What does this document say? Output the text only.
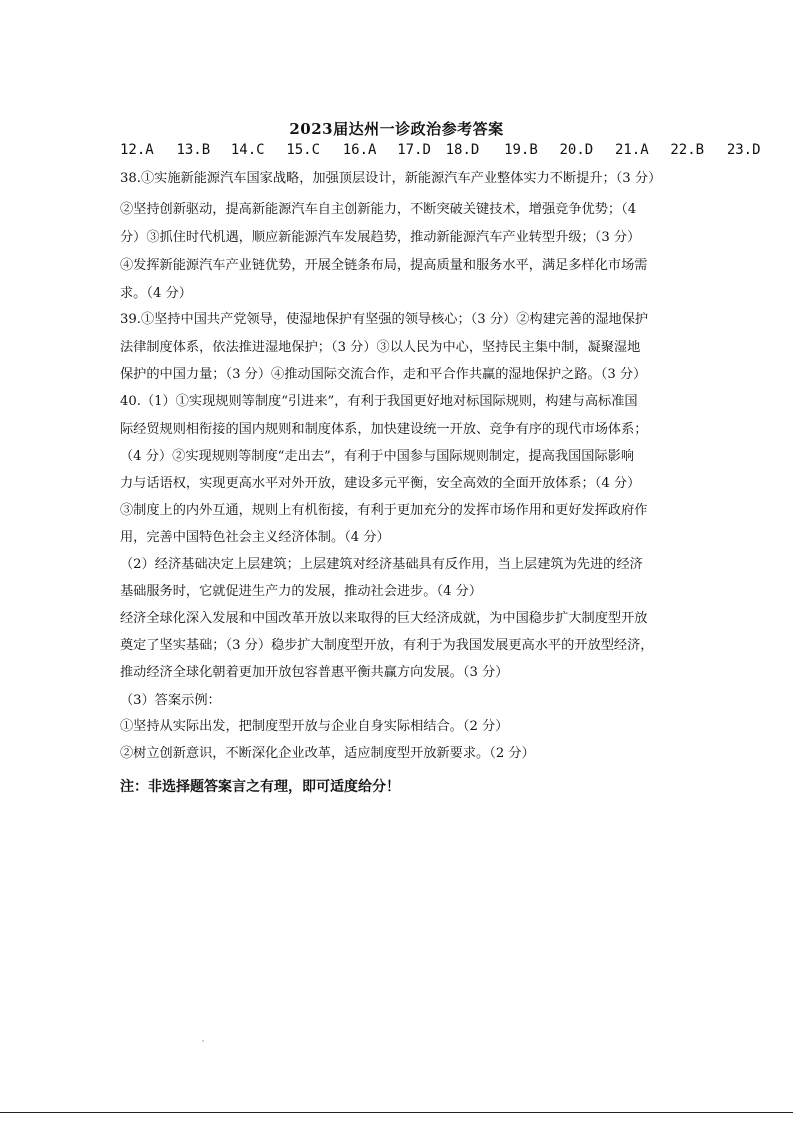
2023届达州一诊政治参考答案
12.A 13.B 14.C 15.C 16.A 17.D 18.D 19.B 20.D 21.A 22.B 23.D
38.①实施新能源汽车国家战略，加强顶层设计，新能源汽车产业整体实力不断提升；（3 分）
②坚持创新驱动，提高新能源汽车自主创新能力，不断突破关键技术，增强竞争优势；（4
分）③抓住时代机遇，顺应新能源汽车发展趋势，推动新能源汽车产业转型升级；（3 分）
④发挥新能源汽车产业链优势，开展全链条布局，提高质量和服务水平，满足多样化市场需
求。（4 分）
39.①坚持中国共产党领导，使湿地保护有坚强的领导核心；（3 分）②构建完善的湿地保护
法律制度体系，依法推进湿地保护；（3 分）③以人民为中心，坚持民主集中制，凝聚湿地
保护的中国力量；（3 分）④推动国际交流合作，走和平合作共赢的湿地保护之路。（3 分）
40.（1）①实现规则等制度“引进来”，有利于我国更好地对标国际规则，构建与高标准国
际经贸规则相衔接的国内规则和制度体系，加快建设统一开放、竞争有序的现代市场体系；
（4 分）②实现规则等制度“走出去”，有利于中国参与国际规则制定，提高我国国际影响
力与话语权，实现更高水平对外开放，建设多元平衡，安全高效的全面开放体系；（4 分）
③制度上的内外互通，规则上有机衔接，有利于更加充分的发挥市场作用和更好发挥政府作
用，完善中国特色社会主义经济体制。（4 分）
（2）经济基础决定上层建筑；上层建筑对经济基础具有反作用，当上层建筑为先进的经济
基础服务时，它就促进生产力的发展，推动社会进步。（4 分）
经济全球化深入发展和中国改革开放以来取得的巨大经济成就，为中国稳步扩大制度型开放
奠定了坚实基础；（3 分）稳步扩大制度型开放，有利于为我国发展更高水平的开放型经济，
推动经济全球化朝着更加开放包容普惠平衡共赢方向发展。（3 分）
（3）答案示例：
①坚持从实际出发，把制度型开放与企业自身实际相结合。（2 分）
②树立创新意识，不断深化企业改革，适应制度型开放新要求。（2 分）
注：非选择题答案言之有理，即可适度给分！
